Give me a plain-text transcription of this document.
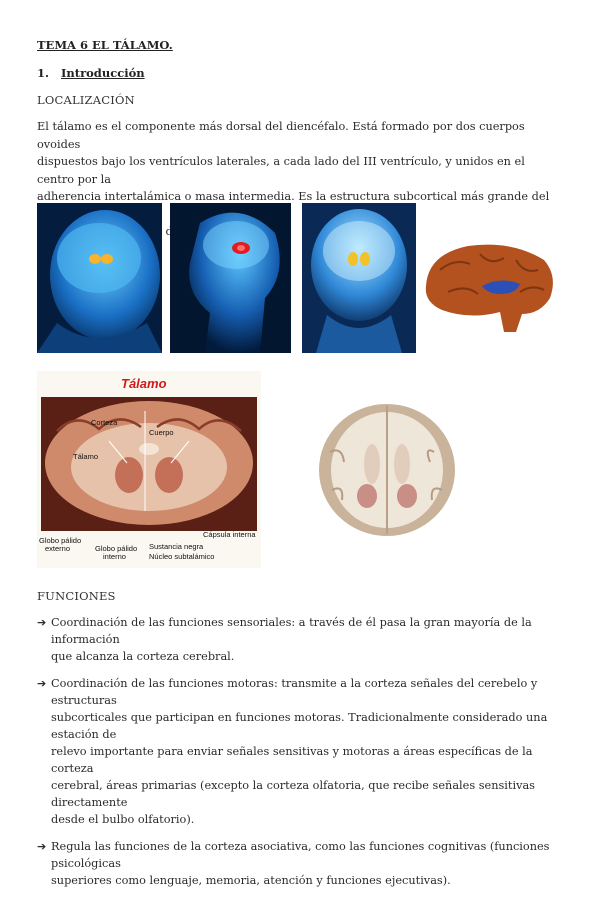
TEMA 6 EL TÁLAMO.
1. Introducción
LOCALIZACIÓN

El tálamo es el componente más dorsal del diencéfalo. Está formado por dos cuerpos ovoides

dispuestos bajo los ventrículos laterales, a cada lado del III ventrículo, y unidos en el centro por la

adherencia intertalámica o masa intermedia. Es la estructura subcortical más grande del

Tálamo
Corteza
Cuerpo
Tálamo
Globo pálido
externo	Globo pálido
interno
Sustancia negra
Núcleo subtalámico
Cápsula interna
FUNCIONES
➔ Coordinación de las funciones sensoriales: a través de él pasa la gran mayoría de la información
que alcanza la corteza cerebral.
➔ Coordinación de las funciones motoras: transmite a la corteza señales del cerebelo y estructuras
subcorticales que participan en funciones motoras. Tradicionalmente considerado una estación de
relevo importante para enviar señales sensitivas y motoras a áreas específicas de la corteza
cerebral, áreas primarias (excepto la corteza olfatoria, que recibe señales sensitivas directamente
desde el bulbo olfatorio).
➔ Regula las funciones de la corteza asociativa, como las funciones cognitivas (funciones psicológicas
superiores como lenguaje, memoria, atención y funciones ejecutivas).
